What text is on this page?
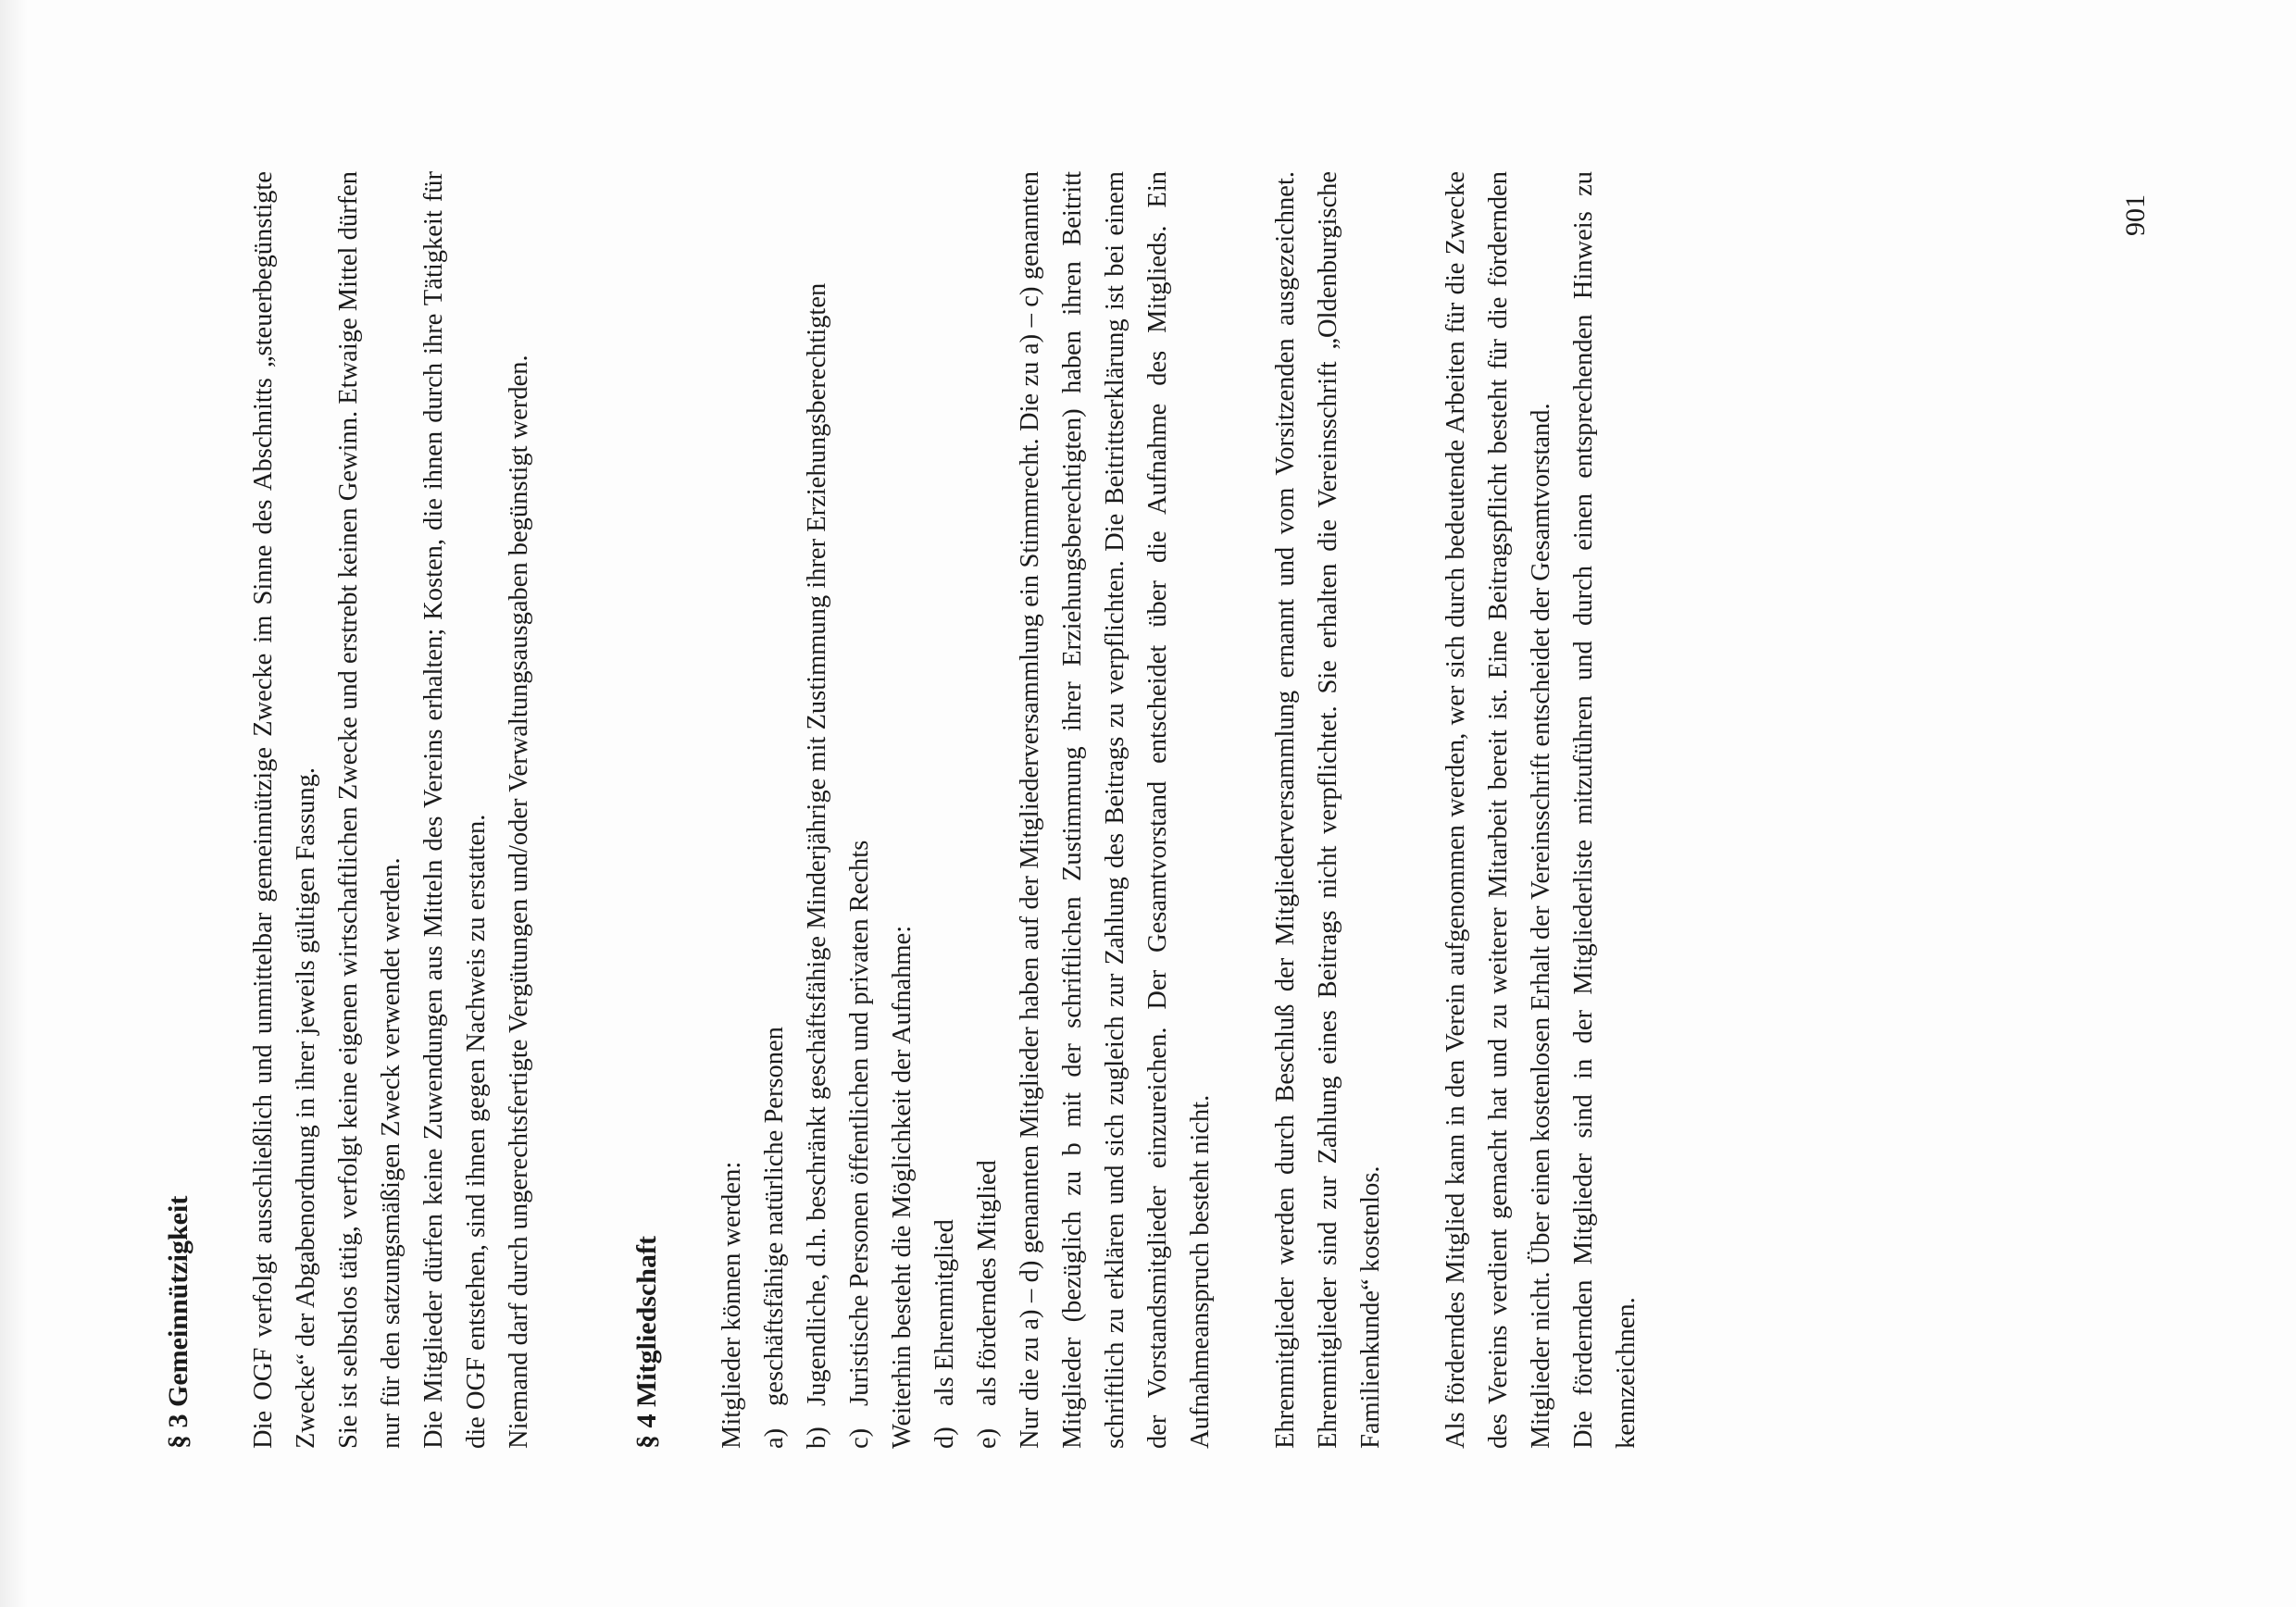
§ 3 Gemeinnützigkeit Die OGF verfolgt ausschließlich und unmittelbar gemeinnützige Zwecke im Sinne des Abschnitts „steuerbegünstigte Zwecke“ der Abgabenordnung in ihrer jeweils gültigen Fassung. Sie ist selbstlos tätig, verfolgt keine eigenen wirtschaftlichen Zwecke und erstrebt keinen Gewinn. Etwaige Mittel dürfen nur für den satzungsmäßigen Zweck verwendet werden. Die Mitglieder dürfen keine Zuwendungen aus Mitteln des Vereins erhalten; Kosten, die ihnen durch ihre Tätigkeit für die OGF entstehen, sind ihnen gegen Nachweis zu erstatten. Niemand darf durch ungerechtsfertigte Vergütungen und/oder Verwaltungsausgaben begünstigt werden.	§ 4 Mitgliedschaft Mitglieder können werden: a)
geschäftsfähige natürliche Personen
b)
Jugendliche, d.h. beschränkt geschäftsfähige Minderjährige mit Zustimmung ihrer Erziehungsberechtigten
c)
Juristische Personen öffentlichen und privaten Rechts Weiterhin besteht die Möglichkeit der Aufnahme: d)
als Ehrenmitglied
e)
als förderndes Mitglied Nur die zu a) – d) genannten Mitglieder haben auf der Mitgliederversammlung ein Stimmrecht. Die zu a) – c) genannten Mitglieder (bezüglich zu b mit der schriftlichen Zustimmung ihrer Erziehungsberechtigten) haben ihren Beitritt schriftlich zu erklären und sich zugleich zur Zahlung des Beitrags zu verpflichten. Die Beitrittserklärung ist bei einem der Vorstandsmitglieder einzureichen. Der Gesamtvorstand entscheidet über die Aufnahme des Mitglieds. Ein Aufnahmeanspruch besteht nicht. Ehrenmitglieder werden durch Beschluß der Mitgliederversammlung ernannt und vom Vorsitzenden ausgezeichnet. Ehrenmitglieder sind zur Zahlung eines Beitrags nicht verpflichtet. Sie erhalten die Vereinsschrift „Oldenburgische Familienkunde“ kostenlos. Als förderndes Mitglied kann in den Verein aufgenommen werden, wer sich durch bedeutende Arbeiten für die Zwecke des Vereins verdient gemacht hat und zu weiterer Mitarbeit bereit ist. Eine Beitragspflicht besteht für die fördernden Mitglieder nicht. Über einen kostenlosen Erhalt der Vereinsschrift entscheidet der Gesamtvorstand. Die fördernden Mitglieder sind in der Mitgliederliste mitzuführen und durch einen entsprechenden Hinweis zu kennzeichnen.

901
